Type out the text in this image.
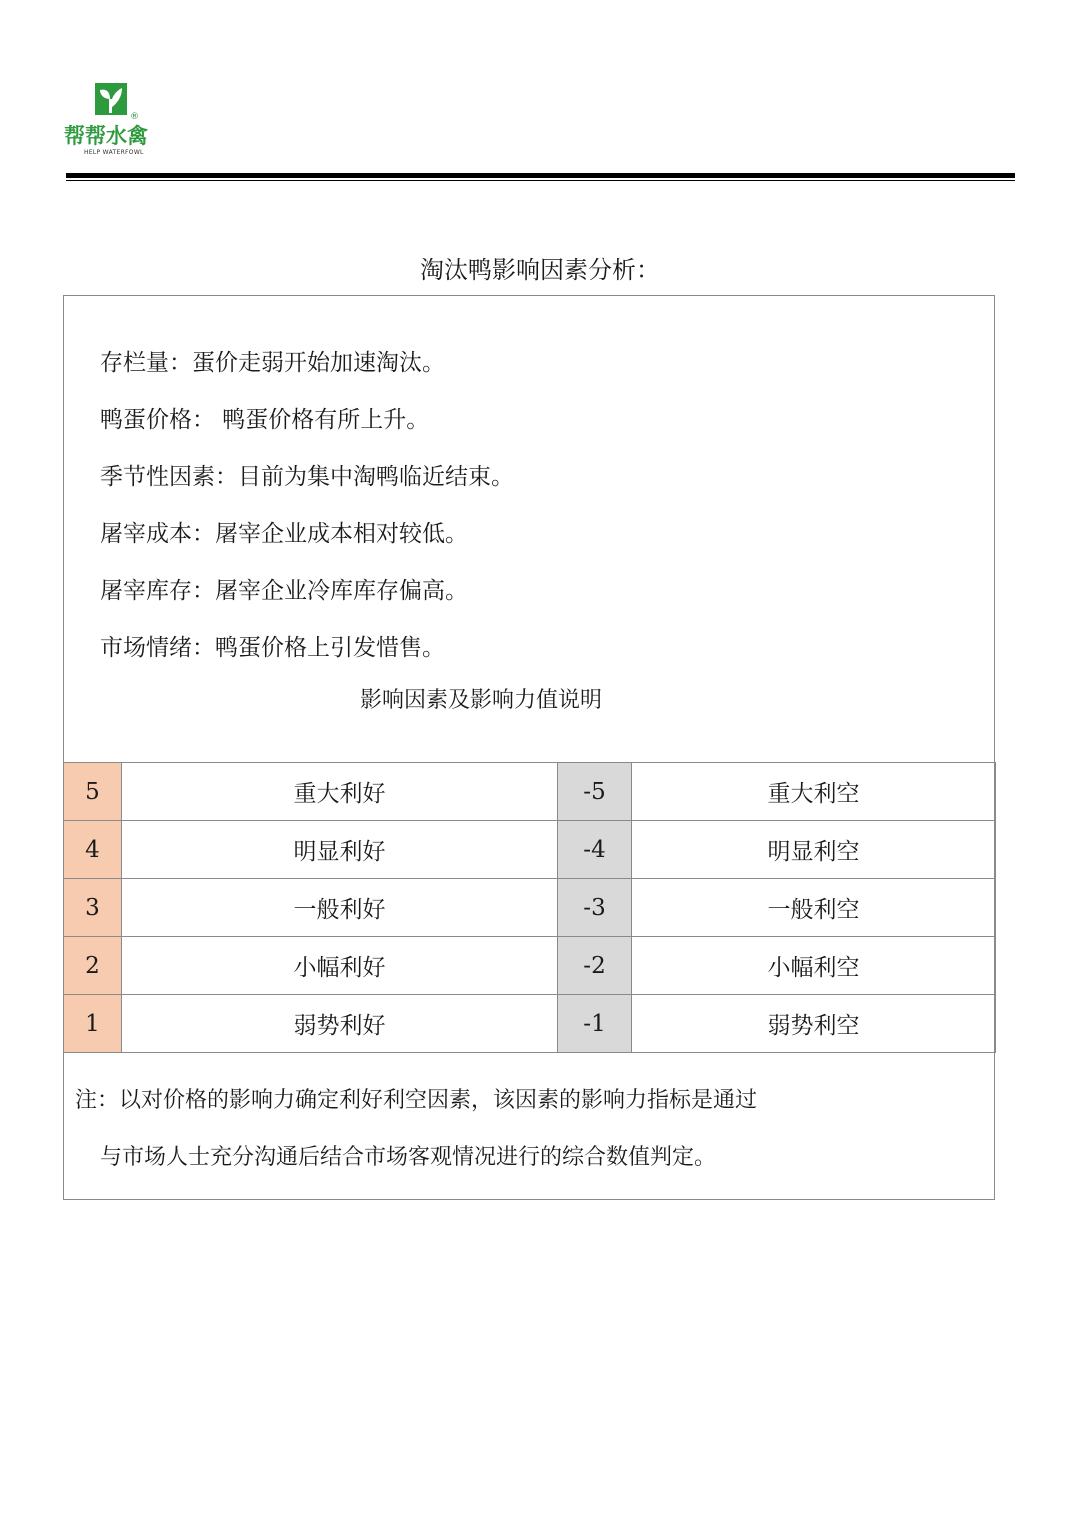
®
帮帮水禽
HELP WATERFOWL
淘汰鸭影响因素分析：
存栏量：蛋价走弱开始加速淘汰。
鸭蛋价格： 鸭蛋价格有所上升。
季节性因素：目前为集中淘鸭临近结束。
屠宰成本：屠宰企业成本相对较低。
屠宰库存：屠宰企业冷库库存偏高。
市场情绪：鸭蛋价格上引发惜售。
影响因素及影响力值说明
5	重大利好	-5	重大利空
4	明显利好	-4	明显利空
3	一般利好	-3	一般利空
2	小幅利好	-2	小幅利空
1	弱势利好	-1	弱势利空
注：以对价格的影响力确定利好利空因素，该因素的影响力指标是通过
与市场人士充分沟通后结合市场客观情况进行的综合数值判定。
